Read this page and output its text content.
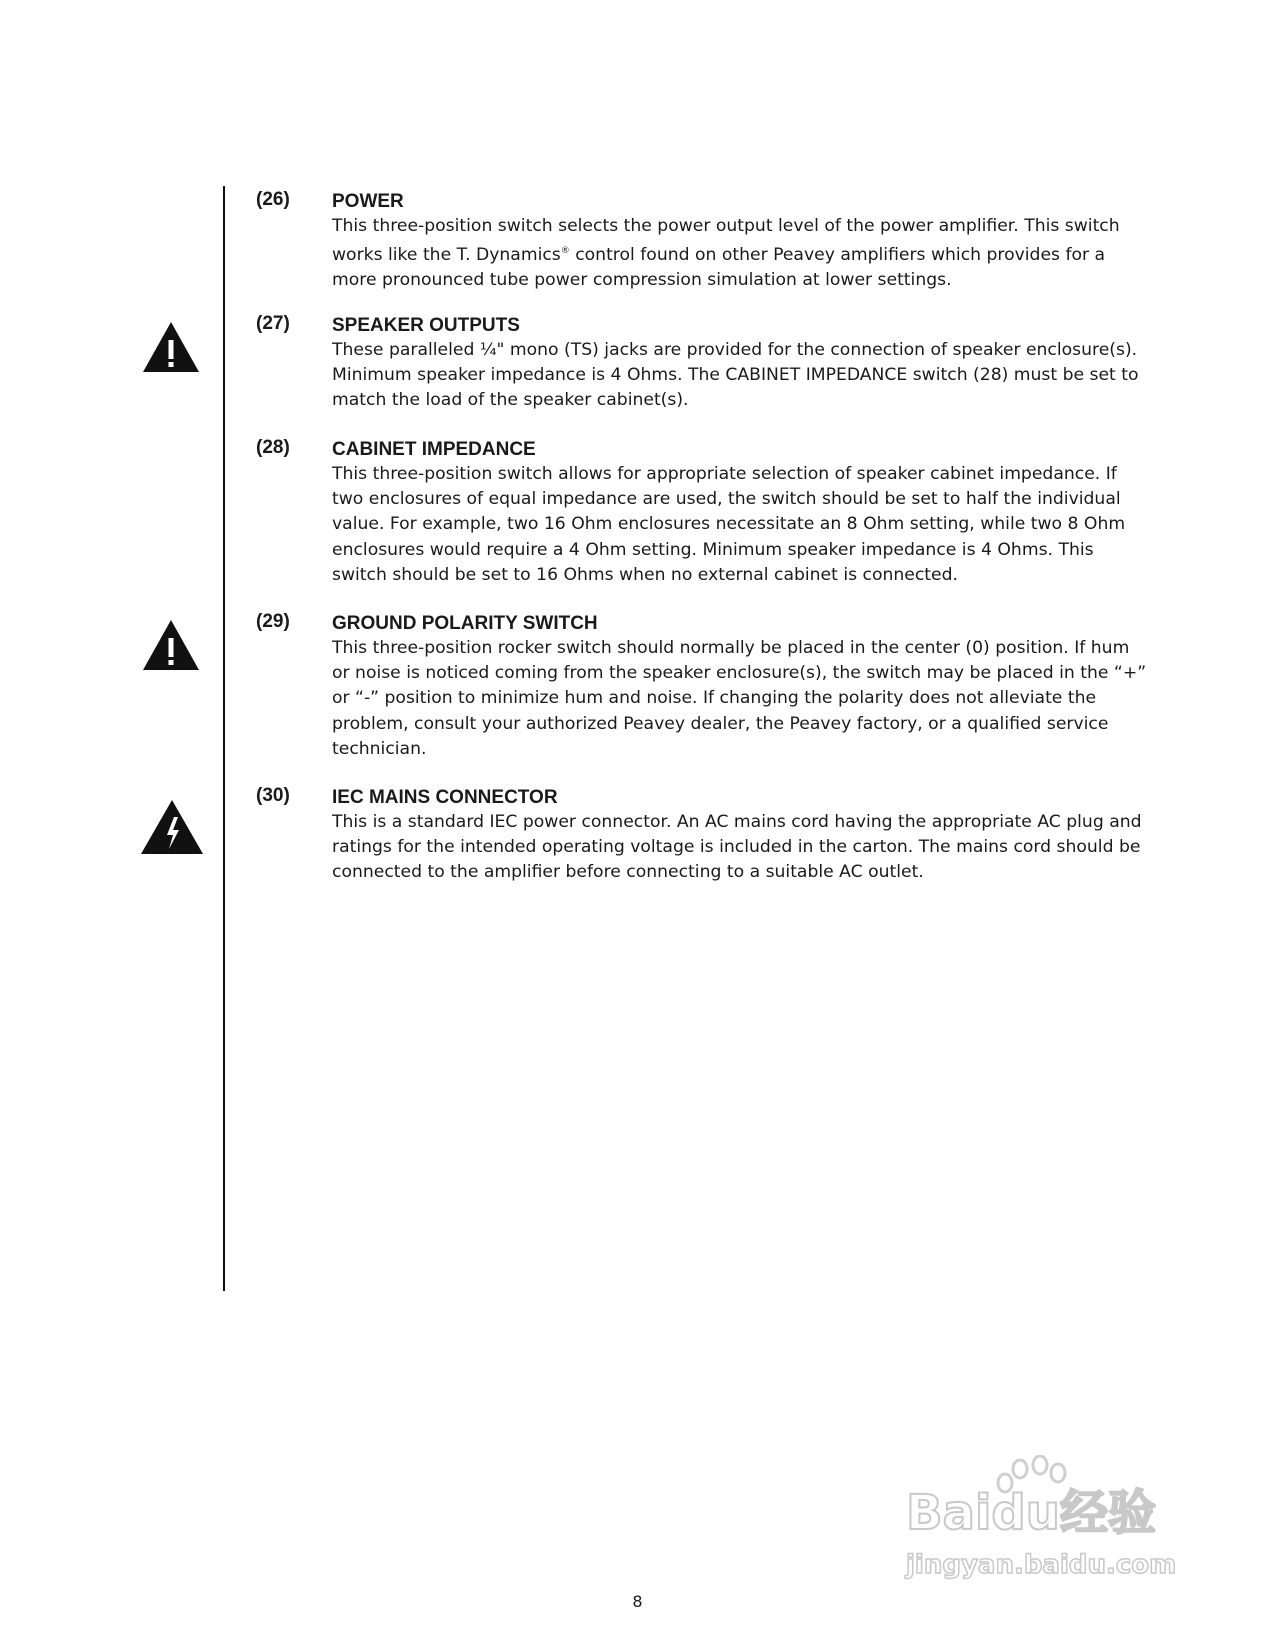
(26) POWER
This three-position switch selects the power output level of the power amplifier. This switch
works like the T. Dynamics® control found on other Peavey amplifiers which provides for a
more pronounced tube power compression simulation at lower settings.
(27) SPEAKER OUTPUTS
These paralleled ¼" mono (TS) jacks are provided for the connection of speaker enclosure(s).
Minimum speaker impedance is 4 Ohms. The CABINET IMPEDANCE switch (28) must be set to
match the load of the speaker cabinet(s).
(28) CABINET IMPEDANCE
This three-position switch allows for appropriate selection of speaker cabinet impedance. If
two enclosures of equal impedance are used, the switch should be set to half the individual
value. For example, two 16 Ohm enclosures necessitate an 8 Ohm setting, while two 8 Ohm
enclosures would require a 4 Ohm setting. Minimum speaker impedance is 4 Ohms. This
switch should be set to 16 Ohms when no external cabinet is connected.
(29) GROUND POLARITY SWITCH
This three-position rocker switch should normally be placed in the center (0) position. If hum
or noise is noticed coming from the speaker enclosure(s), the switch may be placed in the “+”
or “-” position to minimize hum and noise. If changing the polarity does not alleviate the
problem, consult your authorized Peavey dealer, the Peavey factory, or a qualified service
technician.
(30) IEC MAINS CONNECTOR
This is a standard IEC power connector. An AC mains cord having the appropriate AC plug and
ratings for the intended operating voltage is included in the carton. The mains cord should be
connected to the amplifier before connecting to a suitable AC outlet.
Baidu经验
jingyan.baidu.com
8
